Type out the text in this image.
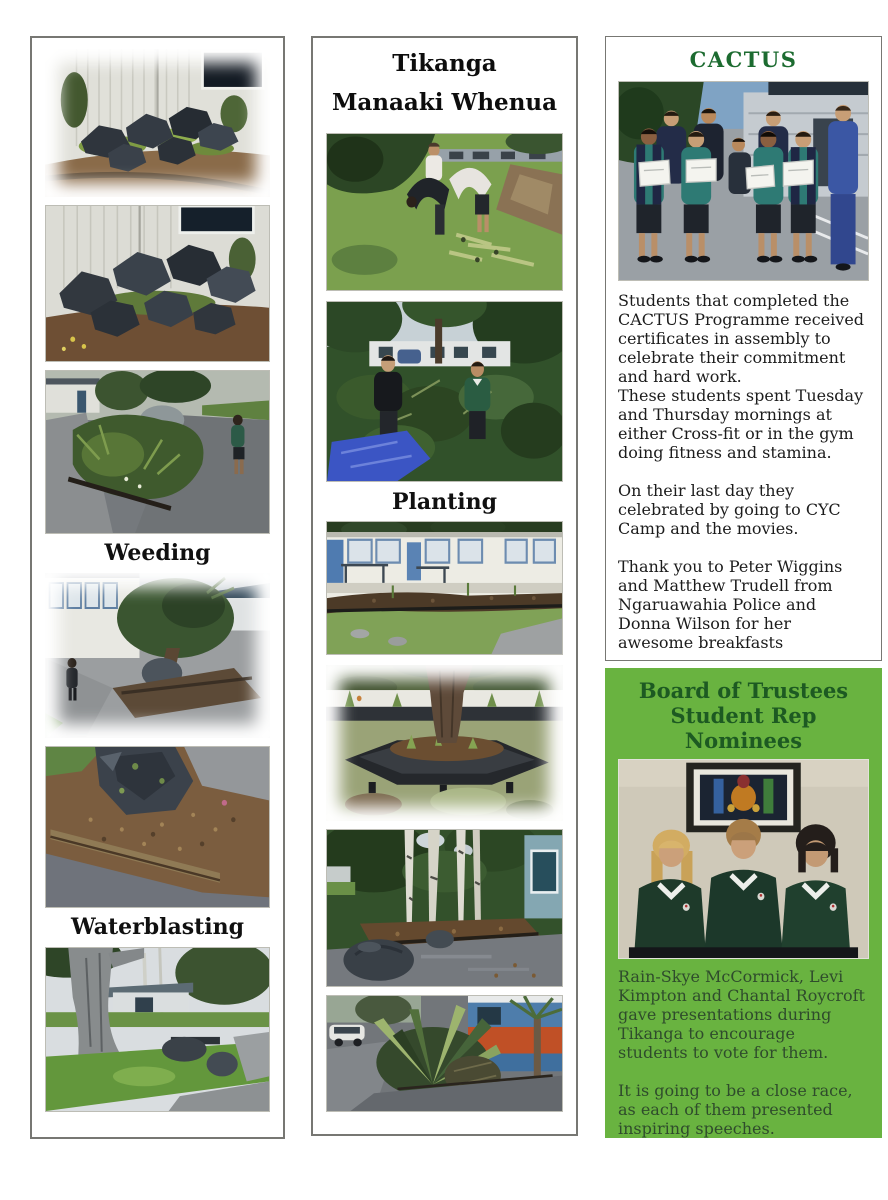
Weeding
Waterblasting
Tikanga
Manaaki Whenua
Planting
CACTUS

Students that completed the CACTUS Programme received certificates in assembly to celebrate their commitment and hard work.

These students spent Tuesday and Thursday mornings at either Cross-fit or in the gym doing fitness and stamina.

On their last day they celebrated by going to CYC Camp and the movies.

Thank you to Peter Wiggins and Matthew Trudell from Ngaruawahia Police and Donna Wilson for her awesome breakfasts

Board of Trustees
Student Rep
Nominees

Rain-Skye McCormick, Levi Kimpton and Chantal Roycroft gave presentations during Tikanga to encourage students to vote for them.

It is going to be a close race, as each of them presented inspiring speeches.
